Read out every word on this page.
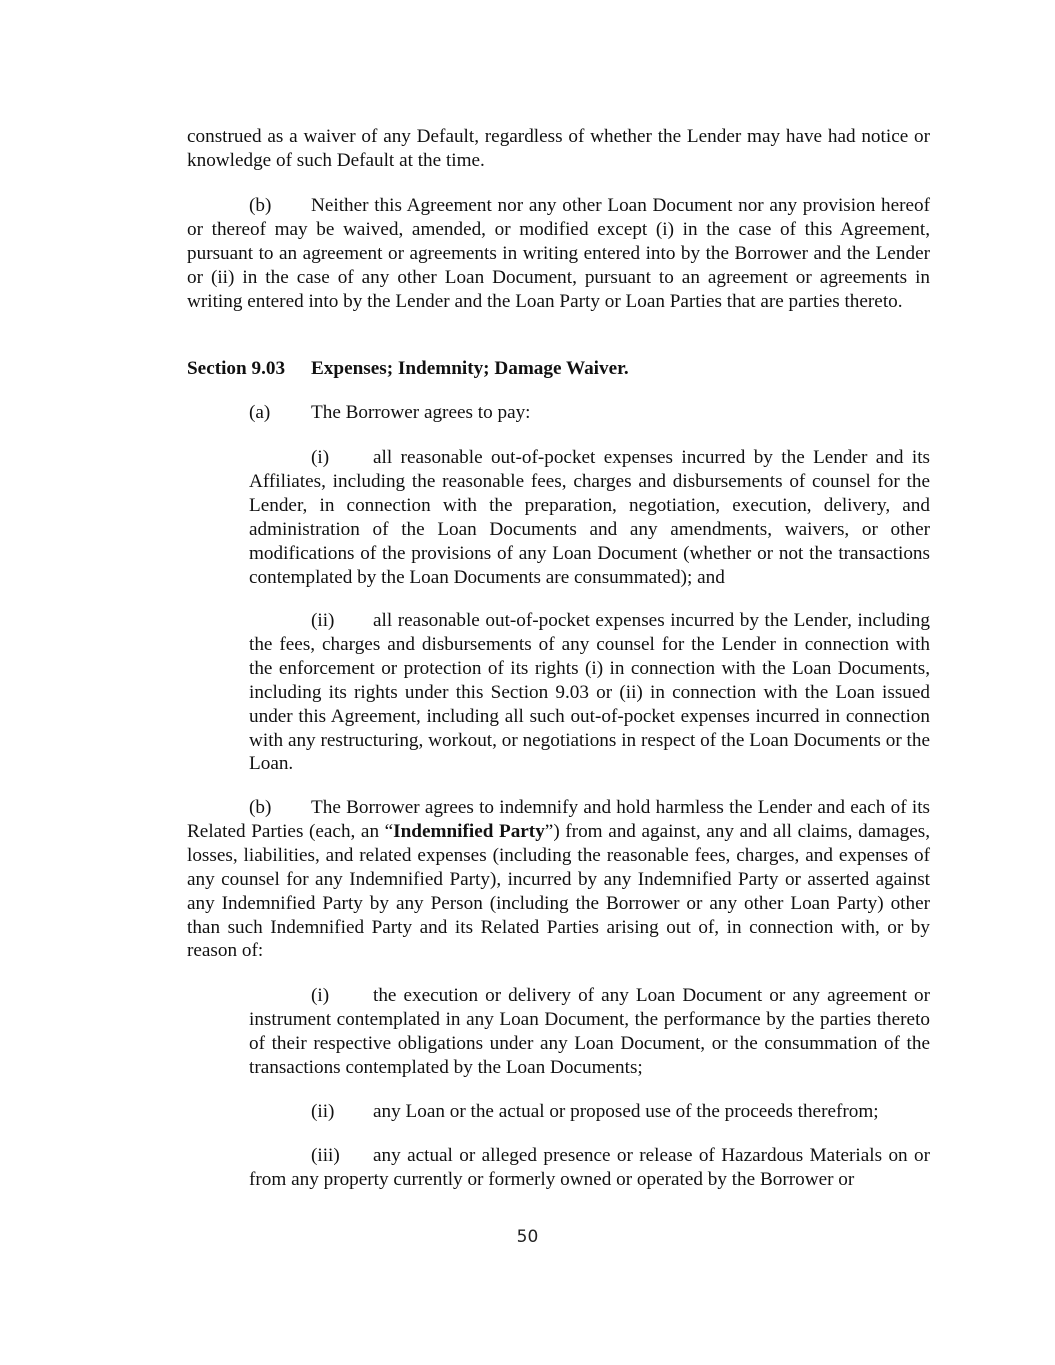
construed as a waiver of any Default, regardless of whether the Lender may have had notice or knowledge of such Default at the time.

(b) Neither this Agreement nor any other Loan Document nor any provision hereof or thereof may be waived, amended, or modified except (i) in the case of this Agreement, pursuant to an agreement or agreements in writing entered into by the Borrower and the Lender or (ii) in the case of any other Loan Document, pursuant to an agreement or agreements in writing entered into by the Lender and the Loan Party or Loan Parties that are parties thereto.

Section 9.03 Expenses; Indemnity; Damage Waiver.

(a) The Borrower agrees to pay:

(i) all reasonable out-of-pocket expenses incurred by the Lender and its Affiliates, including the reasonable fees, charges and disbursements of counsel for the Lender, in connection with the preparation, negotiation, execution, delivery, and administration of the Loan Documents and any amendments, waivers, or other modifications of the provisions of any Loan Document (whether or not the transactions contemplated by the Loan Documents are consummated); and

(ii) all reasonable out-of-pocket expenses incurred by the Lender, including the fees, charges and disbursements of any counsel for the Lender in connection with the enforcement or protection of its rights (i) in connection with the Loan Documents, including its rights under this Section 9.03 or (ii) in connection with the Loan issued under this Agreement, including all such out-of-pocket expenses incurred in connection with any restructuring, workout, or negotiations in respect of the Loan Documents or the Loan.

(b) The Borrower agrees to indemnify and hold harmless the Lender and each of its Related Parties (each, an “Indemnified Party”) from and against, any and all claims, damages, losses, liabilities, and related expenses (including the reasonable fees, charges, and expenses of any counsel for any Indemnified Party), incurred by any Indemnified Party or asserted against any Indemnified Party by any Person (including the Borrower or any other Loan Party) other than such Indemnified Party and its Related Parties arising out of, in connection with, or by reason of:

(i) the execution or delivery of any Loan Document or any agreement or instrument contemplated in any Loan Document, the performance by the parties thereto of their respective obligations under any Loan Document, or the consummation of the transactions contemplated by the Loan Documents;

(ii) any Loan or the actual or proposed use of the proceeds therefrom;

(iii) any actual or alleged presence or release of Hazardous Materials on or from any property currently or formerly owned or operated by the Borrower or

50
